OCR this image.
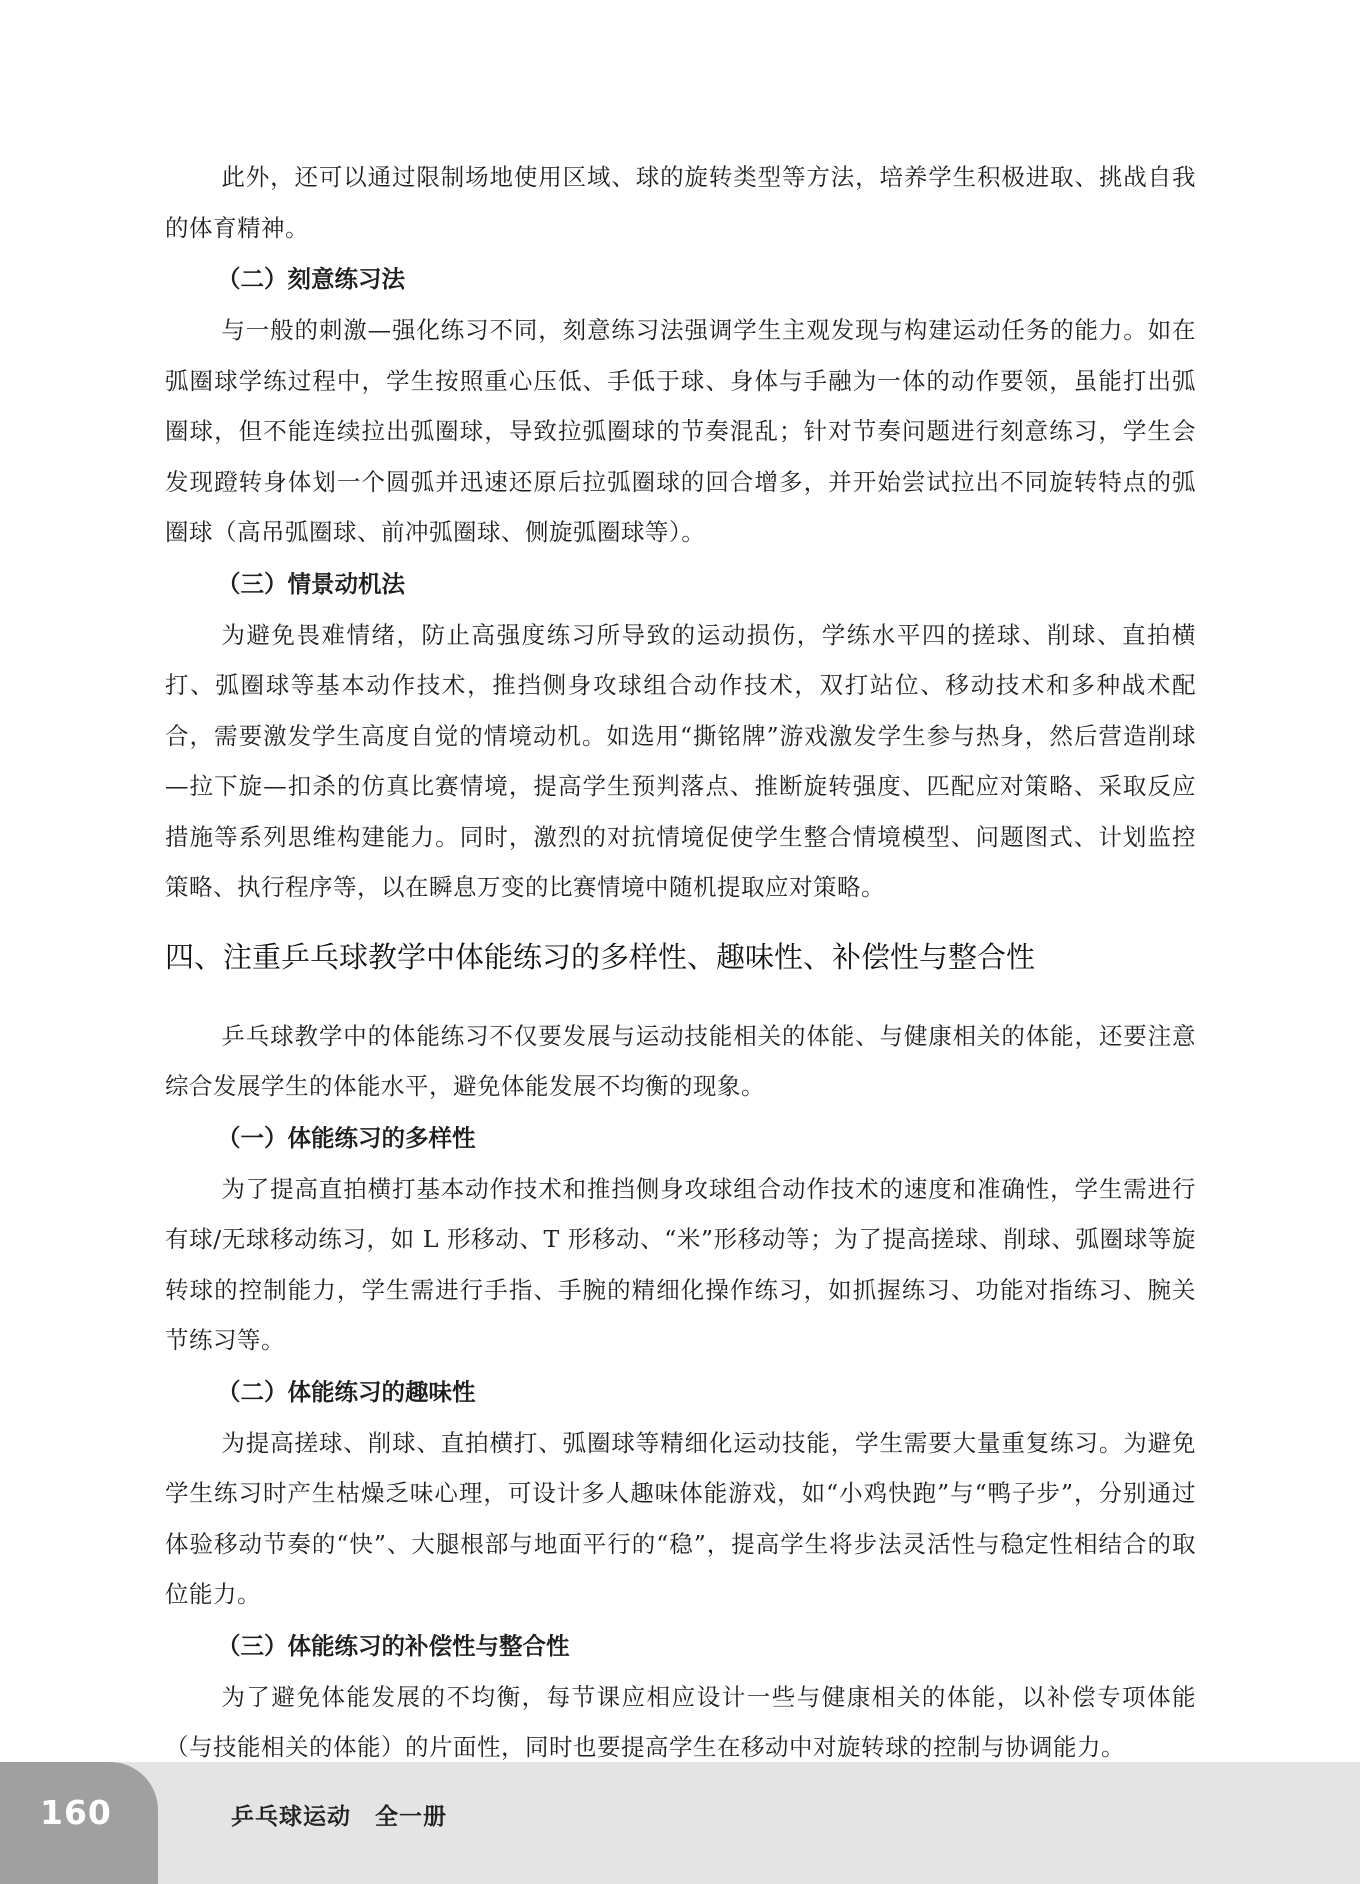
此外，还可以通过限制场地使用区域、球的旋转类型等方法，培养学生积极进取、挑战自我的体育精神。

（二）刻意练习法

与一般的刺激—强化练习不同，刻意练习法强调学生主观发现与构建运动任务的能力。如在弧圈球学练过程中，学生按照重心压低、手低于球、身体与手融为一体的动作要领，虽能打出弧圈球，但不能连续拉出弧圈球，导致拉弧圈球的节奏混乱；针对节奏问题进行刻意练习，学生会发现蹬转身体划一个圆弧并迅速还原后拉弧圈球的回合增多，并开始尝试拉出不同旋转特点的弧圈球（高吊弧圈球、前冲弧圈球、侧旋弧圈球等）。

（三）情景动机法

为避免畏难情绪，防止高强度练习所导致的运动损伤，学练水平四的搓球、削球、直拍横打、弧圈球等基本动作技术，推挡侧身攻球组合动作技术，双打站位、移动技术和多种战术配合，需要激发学生高度自觉的情境动机。如选用“撕铭牌”游戏激发学生参与热身，然后营造削球—拉下旋—扣杀的仿真比赛情境，提高学生预判落点、推断旋转强度、匹配应对策略、采取反应措施等系列思维构建能力。同时，激烈的对抗情境促使学生整合情境模型、问题图式、计划监控策略、执行程序等，以在瞬息万变的比赛情境中随机提取应对策略。

四、注重乒乓球教学中体能练习的多样性、趣味性、补偿性与整合性

乒乓球教学中的体能练习不仅要发展与运动技能相关的体能、与健康相关的体能，还要注意综合发展学生的体能水平，避免体能发展不均衡的现象。

（一）体能练习的多样性

为了提高直拍横打基本动作技术和推挡侧身攻球组合动作技术的速度和准确性，学生需进行有球/无球移动练习，如 L 形移动、T 形移动、“米”形移动等；为了提高搓球、削球、弧圈球等旋转球的控制能力，学生需进行手指、手腕的精细化操作练习，如抓握练习、功能对指练习、腕关节练习等。

（二）体能练习的趣味性

为提高搓球、削球、直拍横打、弧圈球等精细化运动技能，学生需要大量重复练习。为避免学生练习时产生枯燥乏味心理，可设计多人趣味体能游戏，如“小鸡快跑”与“鸭子步”，分别通过体验移动节奏的“快”、大腿根部与地面平行的“稳”，提高学生将步法灵活性与稳定性相结合的取位能力。

（三）体能练习的补偿性与整合性

为了避免体能发展的不均衡，每节课应相应设计一些与健康相关的体能，以补偿专项体能（与技能相关的体能）的片面性，同时也要提高学生在移动中对旋转球的控制与协调能力。

160	乒乓球运动　全一册
